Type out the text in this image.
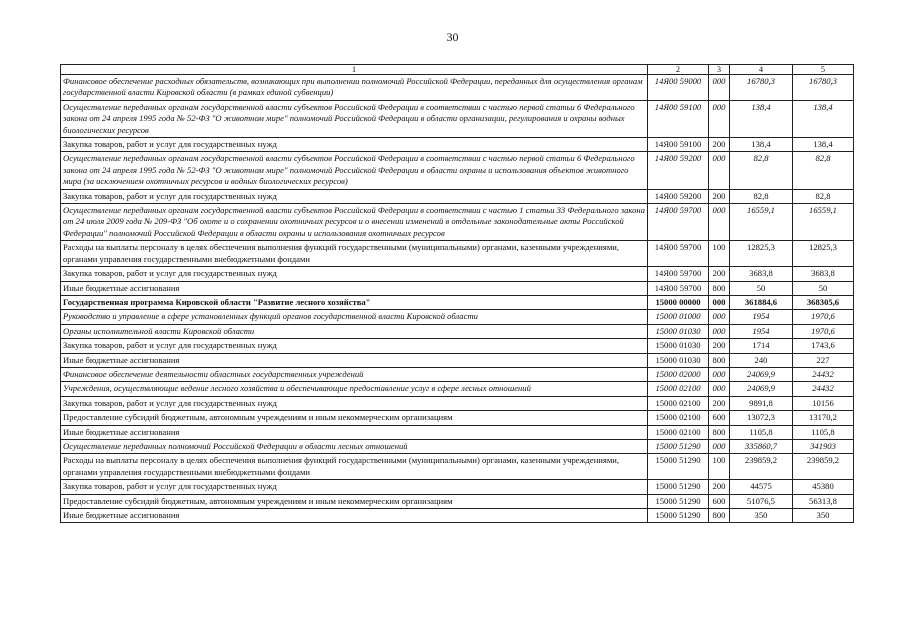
30
1	2	3	4	5
Финансовое обеспечение расходных обязательств, возникающих при выполнении полномочий Российской Федерации, переданных для осуществления органам государственной власти Кировской области (в рамках единой субвенции)	14Я00 59000	000	16780,3	16780,3
Осуществление переданных органам государственной власти субъектов Российской Федерации в соответствии с частью первой статьи 6 Федерального закона от 24 апреля 1995 года № 52-ФЗ "О животном мире" полномочий Российской Федерации в области организации, регулирования и охраны водных биологических ресурсов	14Я00 59100	000	138,4	138,4
Закупка товаров, работ и услуг для государственных нужд	14Я00 59100	200	138,4	138,4
Осуществление переданных органам государственной власти субъектов Российской Федерации в соответствии с частью первой статьи 6 Федерального закона от 24 апреля 1995 года № 52-ФЗ "О животном мире" полномочий Российской Федерации в области охраны и использования объектов животного мира (за исключением охотничьих ресурсов и водных биологических ресурсов)	14Я00 59200	000	82,8	82,8
Закупка товаров, работ и услуг для государственных нужд	14Я00 59200	200	82,8	82,8
Осуществление переданных органам государственной власти субъектов Российской Федерации в соответствии с частью 1 статьи 33 Федерального закона от 24 июля 2009 года № 209-ФЗ "Об охоте и о сохранении охотничьих ресурсов и о внесении изменений в отдельные законодательные акты Российской Федерации" полномочий Российской Федерации в области охраны и использования охотничьих ресурсов	14Я00 59700	000	16559,1	16559,1
Расходы на выплаты персоналу в целях обеспечения выполнения функций государственными (муниципальными) органами, казенными учреждениями, органами управления государственными внебюджетными фондами	14Я00 59700	100	12825,3	12825,3
Закупка товаров, работ и услуг для государственных нужд	14Я00 59700	200	3683,8	3683,8
Иные бюджетные ассигнования	14Я00 59700	800	50	50
Государственная программа Кировской области "Развитие лесного хозяйства"	15000 00000	000	361884,6	368305,6
Руководство и управление в сфере установленных функций органов государственной власти Кировской области	15000 01000	000	1954	1970,6
Органы исполнительной власти Кировской области	15000 01030	000	1954	1970,6
Закупка товаров, работ и услуг для государственных нужд	15000 01030	200	1714	1743,6
Иные бюджетные ассигнования	15000 01030	800	240	227
Финансовое обеспечение деятельности областных государственных учреждений	15000 02000	000	24069,9	24432
Учреждения, осуществляющие ведение лесного хозяйства и обеспечивающие предоставление услуг в сфере лесных отношений	15000 02100	000	24069,9	24432
Закупка товаров, работ и услуг для государственных нужд	15000 02100	200	9891,8	10156
Предоставление субсидий бюджетным, автономным учреждениям и иным некоммерческим организациям	15000 02100	600	13072,3	13170,2
Иные бюджетные ассигнования	15000 02100	800	1105,8	1105,8
Осуществление переданных полномочий Российской Федерации в области лесных отношений	15000 51290	000	335860,7	341903
Расходы на выплаты персоналу в целях обеспечения выполнения функций государственными (муниципальными) органами, казенными учреждениями, органами управления государственными внебюджетными фондами	15000 51290	100	239859,2	239859,2
Закупка товаров, работ и услуг для государственных нужд	15000 51290	200	44575	45380
Предоставление субсидий бюджетным, автономным учреждениям и иным некоммерческим организациям	15000 51290	600	51076,5	56313,8
Иные бюджетные ассигнования	15000 51290	800	350	350
